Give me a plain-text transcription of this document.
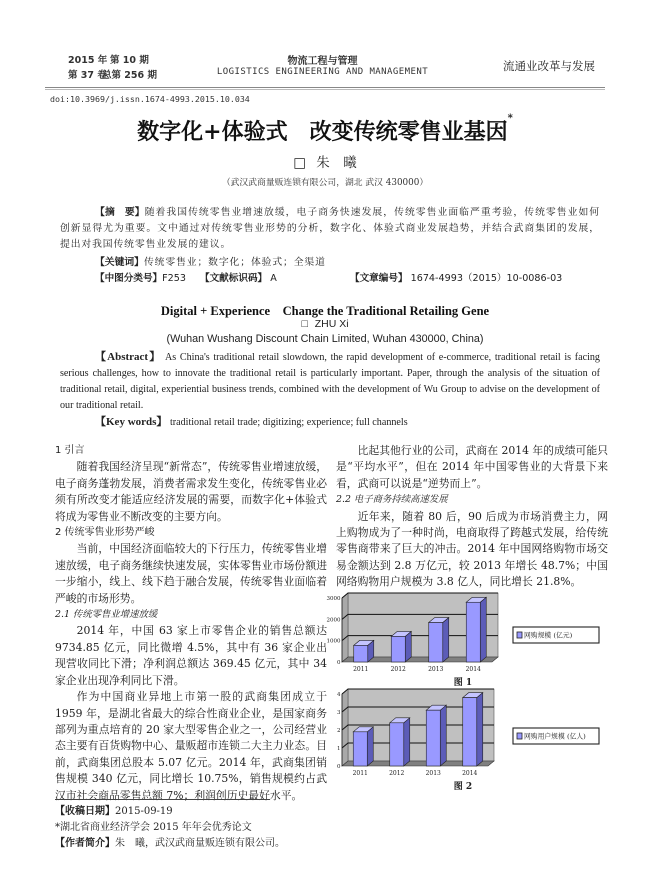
2015 年 第 10 期
第 37 卷
总第 256 期
物流工程与管理
LOGISTICS ENGINEERING AND MANAGEMENT	流通业改革与发展
doi:10.3969/j.issn.1674-4993.2015.10.034
数字化+体验式　改变传统零售业基因*
□ 朱　曦
（武汉武商量贩连锁有限公司，湖北 武汉 430000）
【摘　要】随着我国传统零售业增速放缓，电子商务快速发展，传统零售业面临严重考验，传统零售业如何创新显得尤为重要。文中通过对传统零售业形势的分析，数字化、体验式商业发展趋势，并结合武商集团的发展，提出对我国传统零售业发展的建议。
【关键词】传统零售业；数字化；体验式；全渠道
【中图分类号】F253 【文献标识码】 A	【文章编号】 1674-4993（2015）10-0086-03
Digital + Experience　Change the Traditional Retailing Gene
□ ZHU Xi
(Wuhan Wushang Discount Chain Limited, Wuhan 430000, China)
【Abstract】 As China's traditional retail slowdown, the rapid development of e-commerce, traditional retail is facing serious challenges, how to innovate the traditional retail is particularly important. Paper, through the analysis of the situation of traditional retail, digital, experiential business trends, combined with the development of Wu Group to advise on the development of our traditional retail.
【Key words】 traditional retail trade; digitizing; experience; full channels
1 引言

随着我国经济呈现“新常态”，传统零售业增速放缓，电子商务蓬勃发展，消费者需求发生变化，传统零售业必须有所改变才能适应经济发展的需要，而数字化+体验式将成为零售业不断改变的主要方向。

2 传统零售业形势严峻

当前，中国经济面临较大的下行压力，传统零售业增速放缓，电子商务继续快速发展，实体零售业市场份额进一步缩小，线上、线下趋于融合发展，传统零售业面临着严峻的市场形势。

2.1 传统零售业增速放缓

2014 年，中国 63 家上市零售企业的销售总额达 9734.85 亿元，同比微增 4.5%，其中有 36 家企业出现营收同比下滑；净利润总额达 369.45 亿元，其中 34 家企业出现净利同比下滑。

作为中国商业异地上市第一股的武商集团成立于 1959 年，是湖北省最大的综合性商业企业，是国家商务部列为重点培育的 20 家大型零售企业之一，公司经营业态主要有百货购物中心、量贩超市连锁二大主力业态。目前，武商集团总股本 5.07 亿元。2014 年，武商集团销售规模 340 亿元，同比增长 10.75%，销售规模约占武汉市社会商品零售总额 7%；利润创历史最好水平。

比起其他行业的公司，武商在 2014 年的成绩可能只是“平均水平”，但在 2014 年中国零售业的大背景下来看，武商可以说是“逆势而上”。

2.2 电子商务持续高速发展

近年来，随着 80 后，90 后成为市场消费主力，网上购物成为了一种时尚，电商取得了跨越式发展，给传统零售商带来了巨大的冲击。2014 年中国网络购物市场交易金额达到 2.8 万亿元，较 2013 年增长 48.7%；中国网络购物用户规模为 3.8 亿人，同比增长 21.8%。

0
1000
2000
3000
2011	2012	2013	2014
网购规模 (亿元)
图 1
0
1
2
3
4
2011	2012	2013	2014
网购用户规模 (亿人)
图 2
【收稿日期】2015-09-19
*湖北省商业经济学会 2015 年年会优秀论文
【作者简介】朱　曦，武汉武商量贩连锁有限公司。
